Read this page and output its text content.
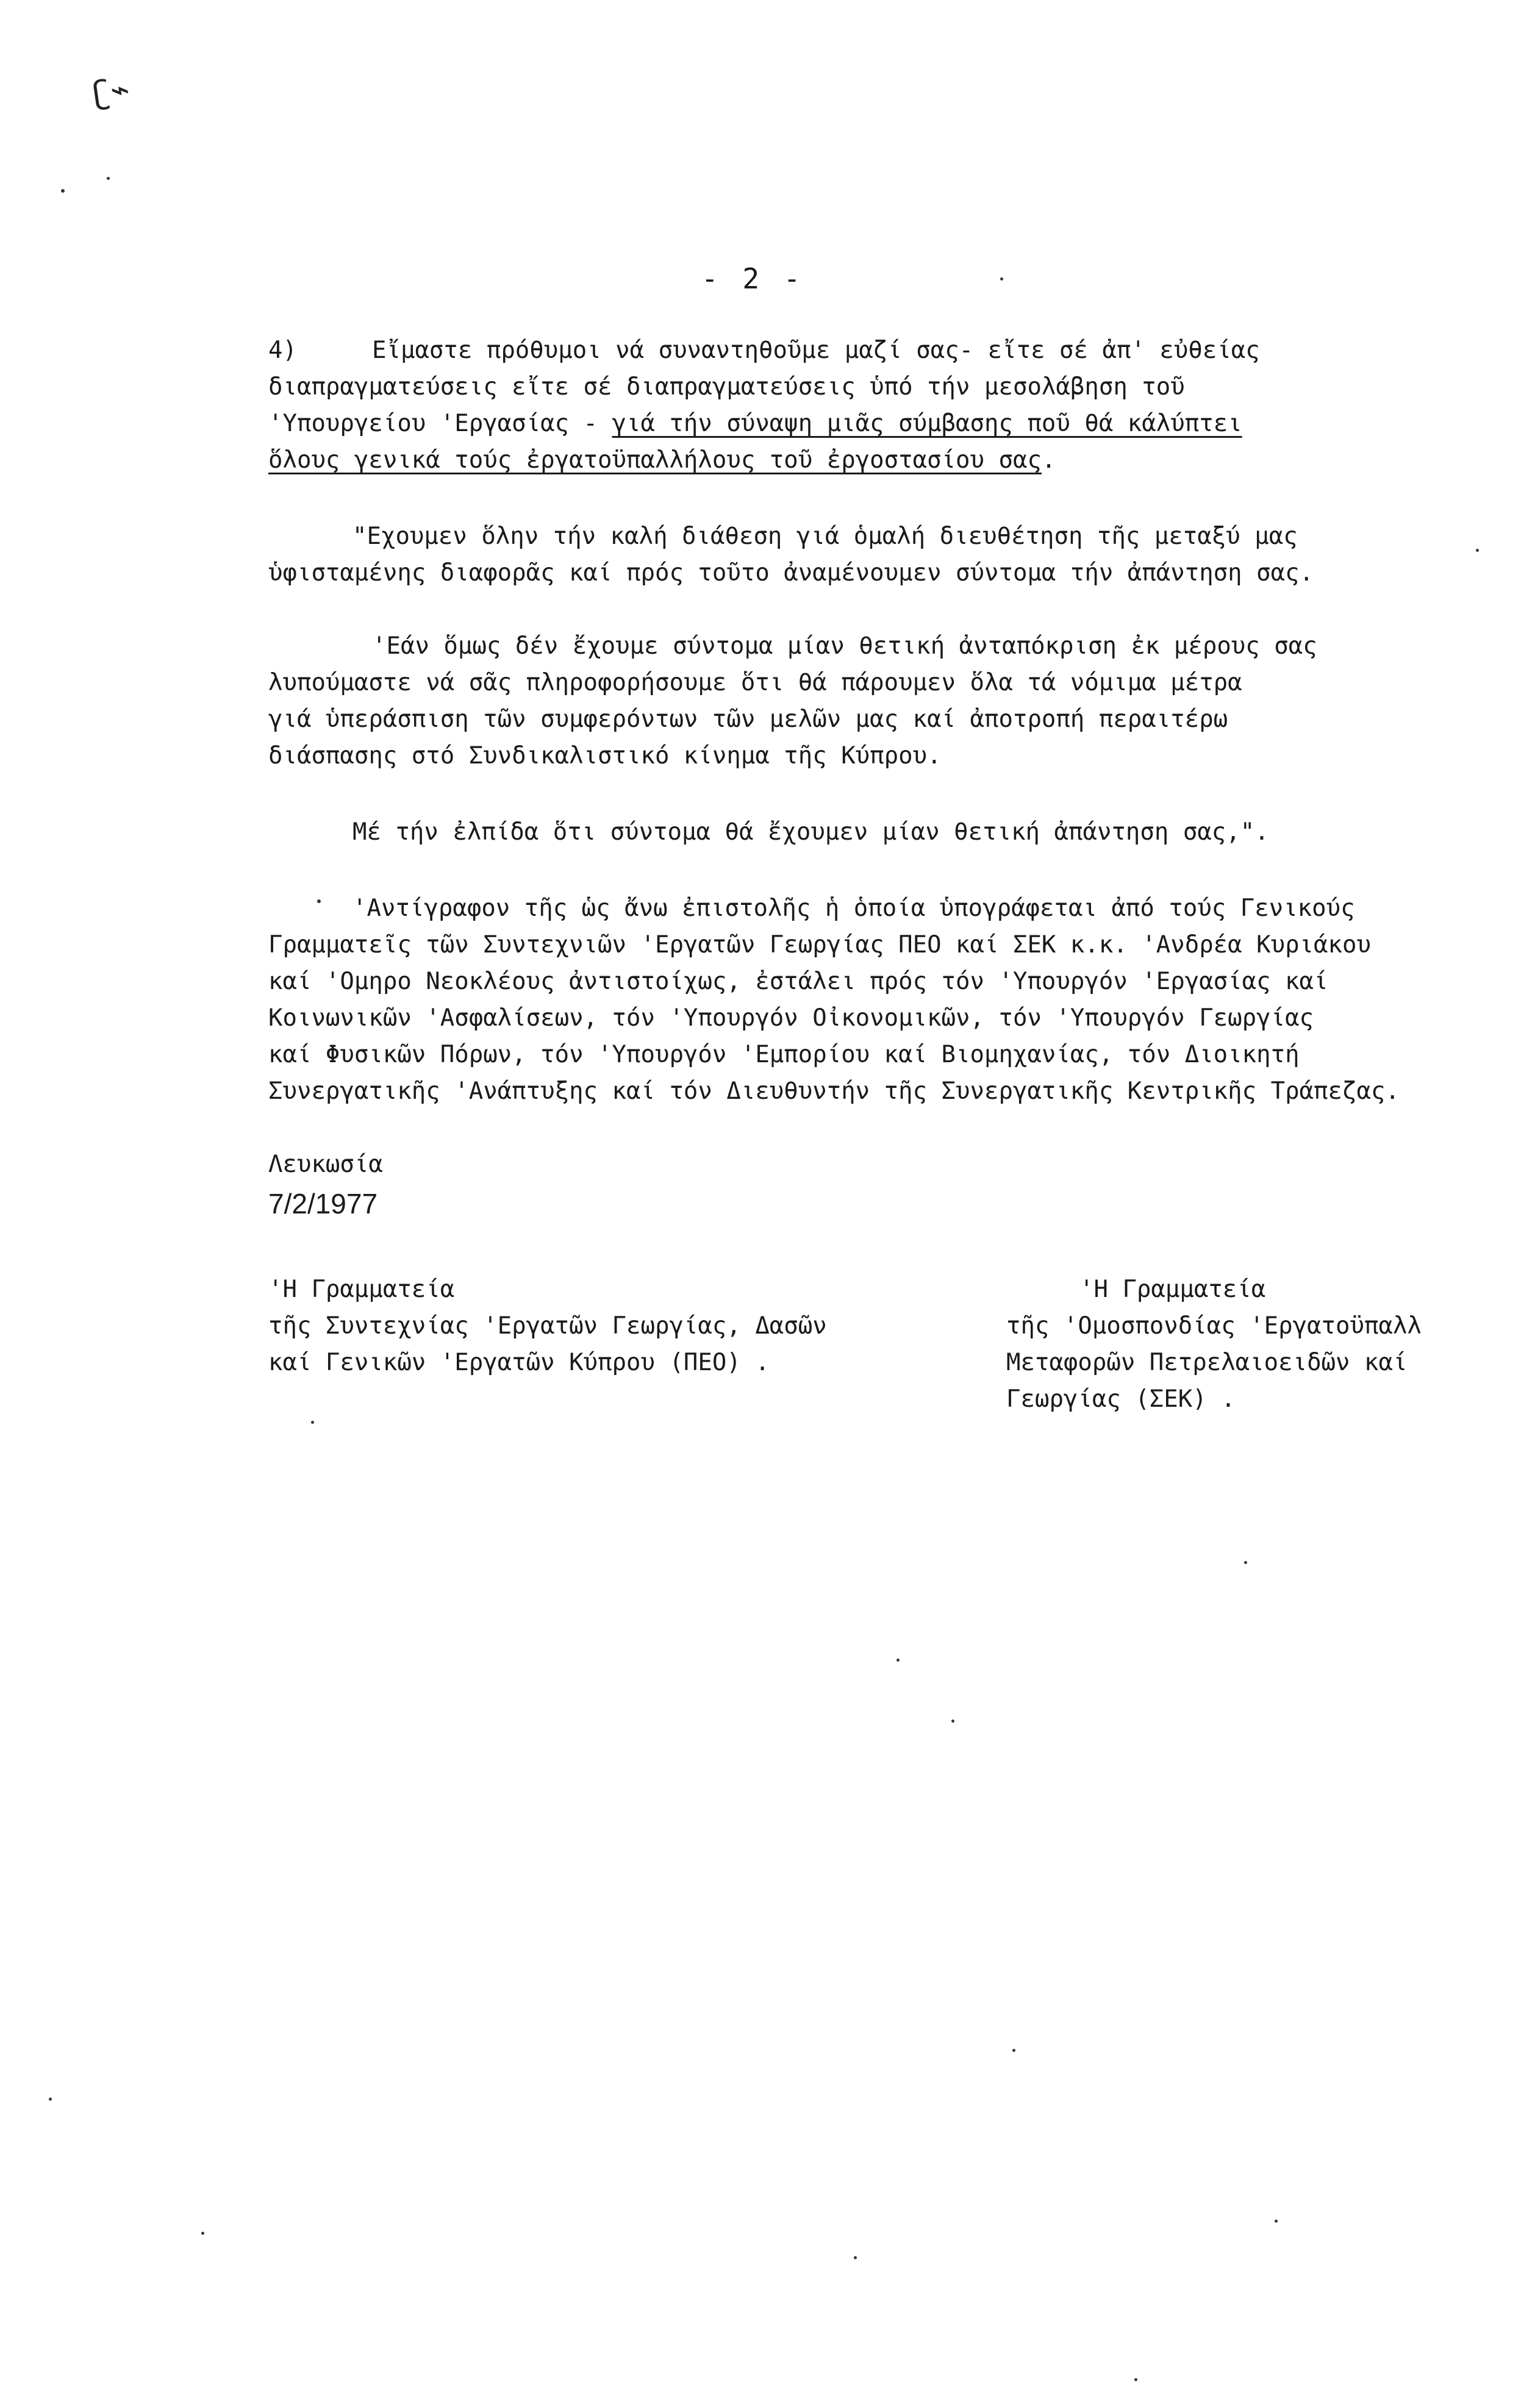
ʗ⌁
- 2 -
4)	Εἴμαστε πρόθυμοι νά συναντηθοῦμε μαζί σας- εἴτε σέ ἀπ' εὐθείας
διαπραγματεύσεις εἴτε σέ διαπραγματεύσεις ὑπό τήν μεσολάβηση τοῦ
'Υπουργείου 'Εργασίας - γιά τήν σύναψη μιᾶς σύμβασης ποῦ θά κάλύπτει
ὅλους γενικά τούς ἐργατοϋπαλλήλους τοῦ ἐργοστασίου σας.
"Εχουμεν ὅλην τήν καλή διάθεση γιά ὁμαλή διευθέτηση τῆς μεταξύ μας
ὑφισταμένης διαφορᾶς καί πρός τοῦτο ἀναμένουμεν σύντομα τήν ἀπάντηση σας.
'Εάν ὅμως δέν ἔχουμε σύντομα μίαν θετική ἀνταπόκριση ἐκ μέρους σας
λυπούμαστε νά σᾶς πληροφορήσουμε ὅτι θά πάρουμεν ὅλα τά νόμιμα μέτρα
γιά ὑπεράσπιση τῶν συμφερόντων τῶν μελῶν μας καί ἀποτροπή περαιτέρω
διάσπασης στό Συνδικαλιστικό κίνημα τῆς Κύπρου.
Μέ τήν ἐλπίδα ὅτι σύντομα θά ἔχουμεν μίαν θετική ἀπάντηση σας,".
'Αντίγραφον τῆς ὡς ἄνω ἐπιστολῆς ἡ ὁποία ὑπογράφεται ἀπό τούς Γενικούς
Γραμματεῖς τῶν Συντεχνιῶν 'Εργατῶν Γεωργίας ΠΕΟ καί ΣΕΚ κ.κ. 'Ανδρέα Κυριάκου
καί 'Ομηρο Νεοκλέους ἀντιστοίχως, ἐστάλει πρός τόν 'Υπουργόν 'Εργασίας καί
Κοινωνικῶν 'Ασφαλίσεων, τόν 'Υπουργόν Οἰκονομικῶν, τόν 'Υπουργόν Γεωργίας
καί Φυσικῶν Πόρων, τόν 'Υπουργόν 'Εμπορίου καί Βιομηχανίας, τόν Διοικητή
Συνεργατικῆς 'Ανάπτυξης καί τόν Διευθυντήν τῆς Συνεργατικῆς Κεντρικῆς Τράπεζας.
Λευκωσία
7/2/1977
'Η Γραμματεία
τῆς Συντεχνίας 'Εργατῶν Γεωργίας, Δασῶν
καί Γενικῶν 'Εργατῶν Κύπρου (ΠΕΟ) .
'Η Γραμματεία
τῆς 'Ομοσπονδίας 'Εργατοϋπαλλ
Μεταφορῶν Πετρελαιοειδῶν καί
Γεωργίας (ΣΕΚ) .
